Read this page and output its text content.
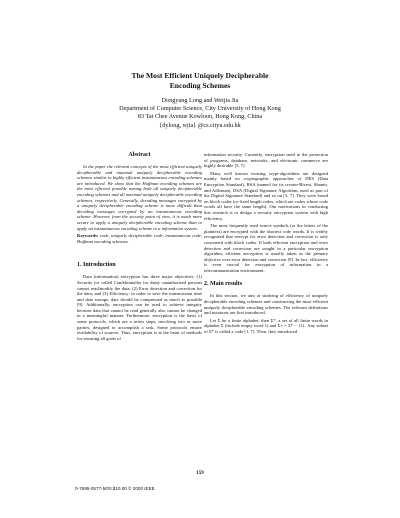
The Most Efficient Uniquely Decipherable
Encoding Schemes
Dongyang Long and Weijia Jia
Department of Computer Science, City University of Hong Kong
83 Tat Chee Avenue Kowloon, Hong Kong, China
{dylong, wjia} @cs.cityu.edu.hk
Abstract

In the paper the relevant concepts of the most efficient uniquely decipherable and maximal uniquely decipherable encoding schemes similar to highly efficient instantaneous encoding schemes are introduced. We show that the Huffman encoding schemes are the most efficient possible among both all uniquely decipherable encoding schemes and all maximal uniquely decipherable encoding schemes, respectively. Generally, decoding messages encrypted by a uniquely decipherable encoding scheme is more difficult than decoding messages encrypted by an instantaneous encoding scheme. However, from the security point of view, it is much more secure to apply a uniquely decipherable encoding scheme than to apply an instantaneous encoding scheme to a information system.

Keywords: code, uniquely decipherable code, instantaneous code, Huffman encoding schemes.
1. Introduction

Data (information) encryption has three major objectives: (1) Security (or called Confidentiality for data): unauthorized persons cannot read/modify the data; (2) Error detection and correction for the data; and (3) Efficiency: in order to save the transmission time and data storage, data should be compressed as much as possible [9]. Additionally, encryption can be used to achieve integrity because data that cannot be read generally also cannot be changed in a meaningful manner. Furthermore, encryption is the basis of some protocols, which are a series steps, involving two or more parties, designed to accomplish a task. Some protocols ensure availability of sources. Thus, encryption is at the heart of methods for ensuring all goals of

information security. Currently, encryption used in the protection of programs, database, networks, and electronic commerce are highly desirable [3, 7].

Many well known existing crypt-algorithms are designed mainly based on cryptographic approaches of DES (Data Encryption Standard), RSA (named for its creator-Rivest, Shamir, and Adleman), DSA (Digital Signature Algorithm, used as part of the Digital Signature Standard) and so on [3, 7]. They were based on block codes (or fixed length codes, which are codes whose code words all have the same length). Our motivations in conducting this research is to design a security encryption system with high efficiency.

The most frequently used source symbols (or the letters of the plaintext) are encrypted with the shortest code words. It is widely recognized that encrypt for error detection and correction is only concerned with block codes. If both efficient encryption and error detection and correction are sought in a particular encryption algorithm, efficient encryption is usually taken as the primary objective over error detection and correction [9]. In fact, efficiency is even crucial for encryption of information in a telecommunication environment.

2. Main results

In this section, we aim at studying of efficiency of uniquely decipherable encoding schemes and constructing the most efficient uniquely decipherable encoding schemes. The relevant definitions and notations are first introduced.

Let Σ be a finite alphabet, then Σ*, a set of all finite words in alphabet Σ (include empty word λ) and Σ+ = Σ* − {λ}. Any subset of Σ* is called a code [1, 7]. Then, they introduced

159
0-7695-0577-5/00 $10.00 © 2000 IEEE
